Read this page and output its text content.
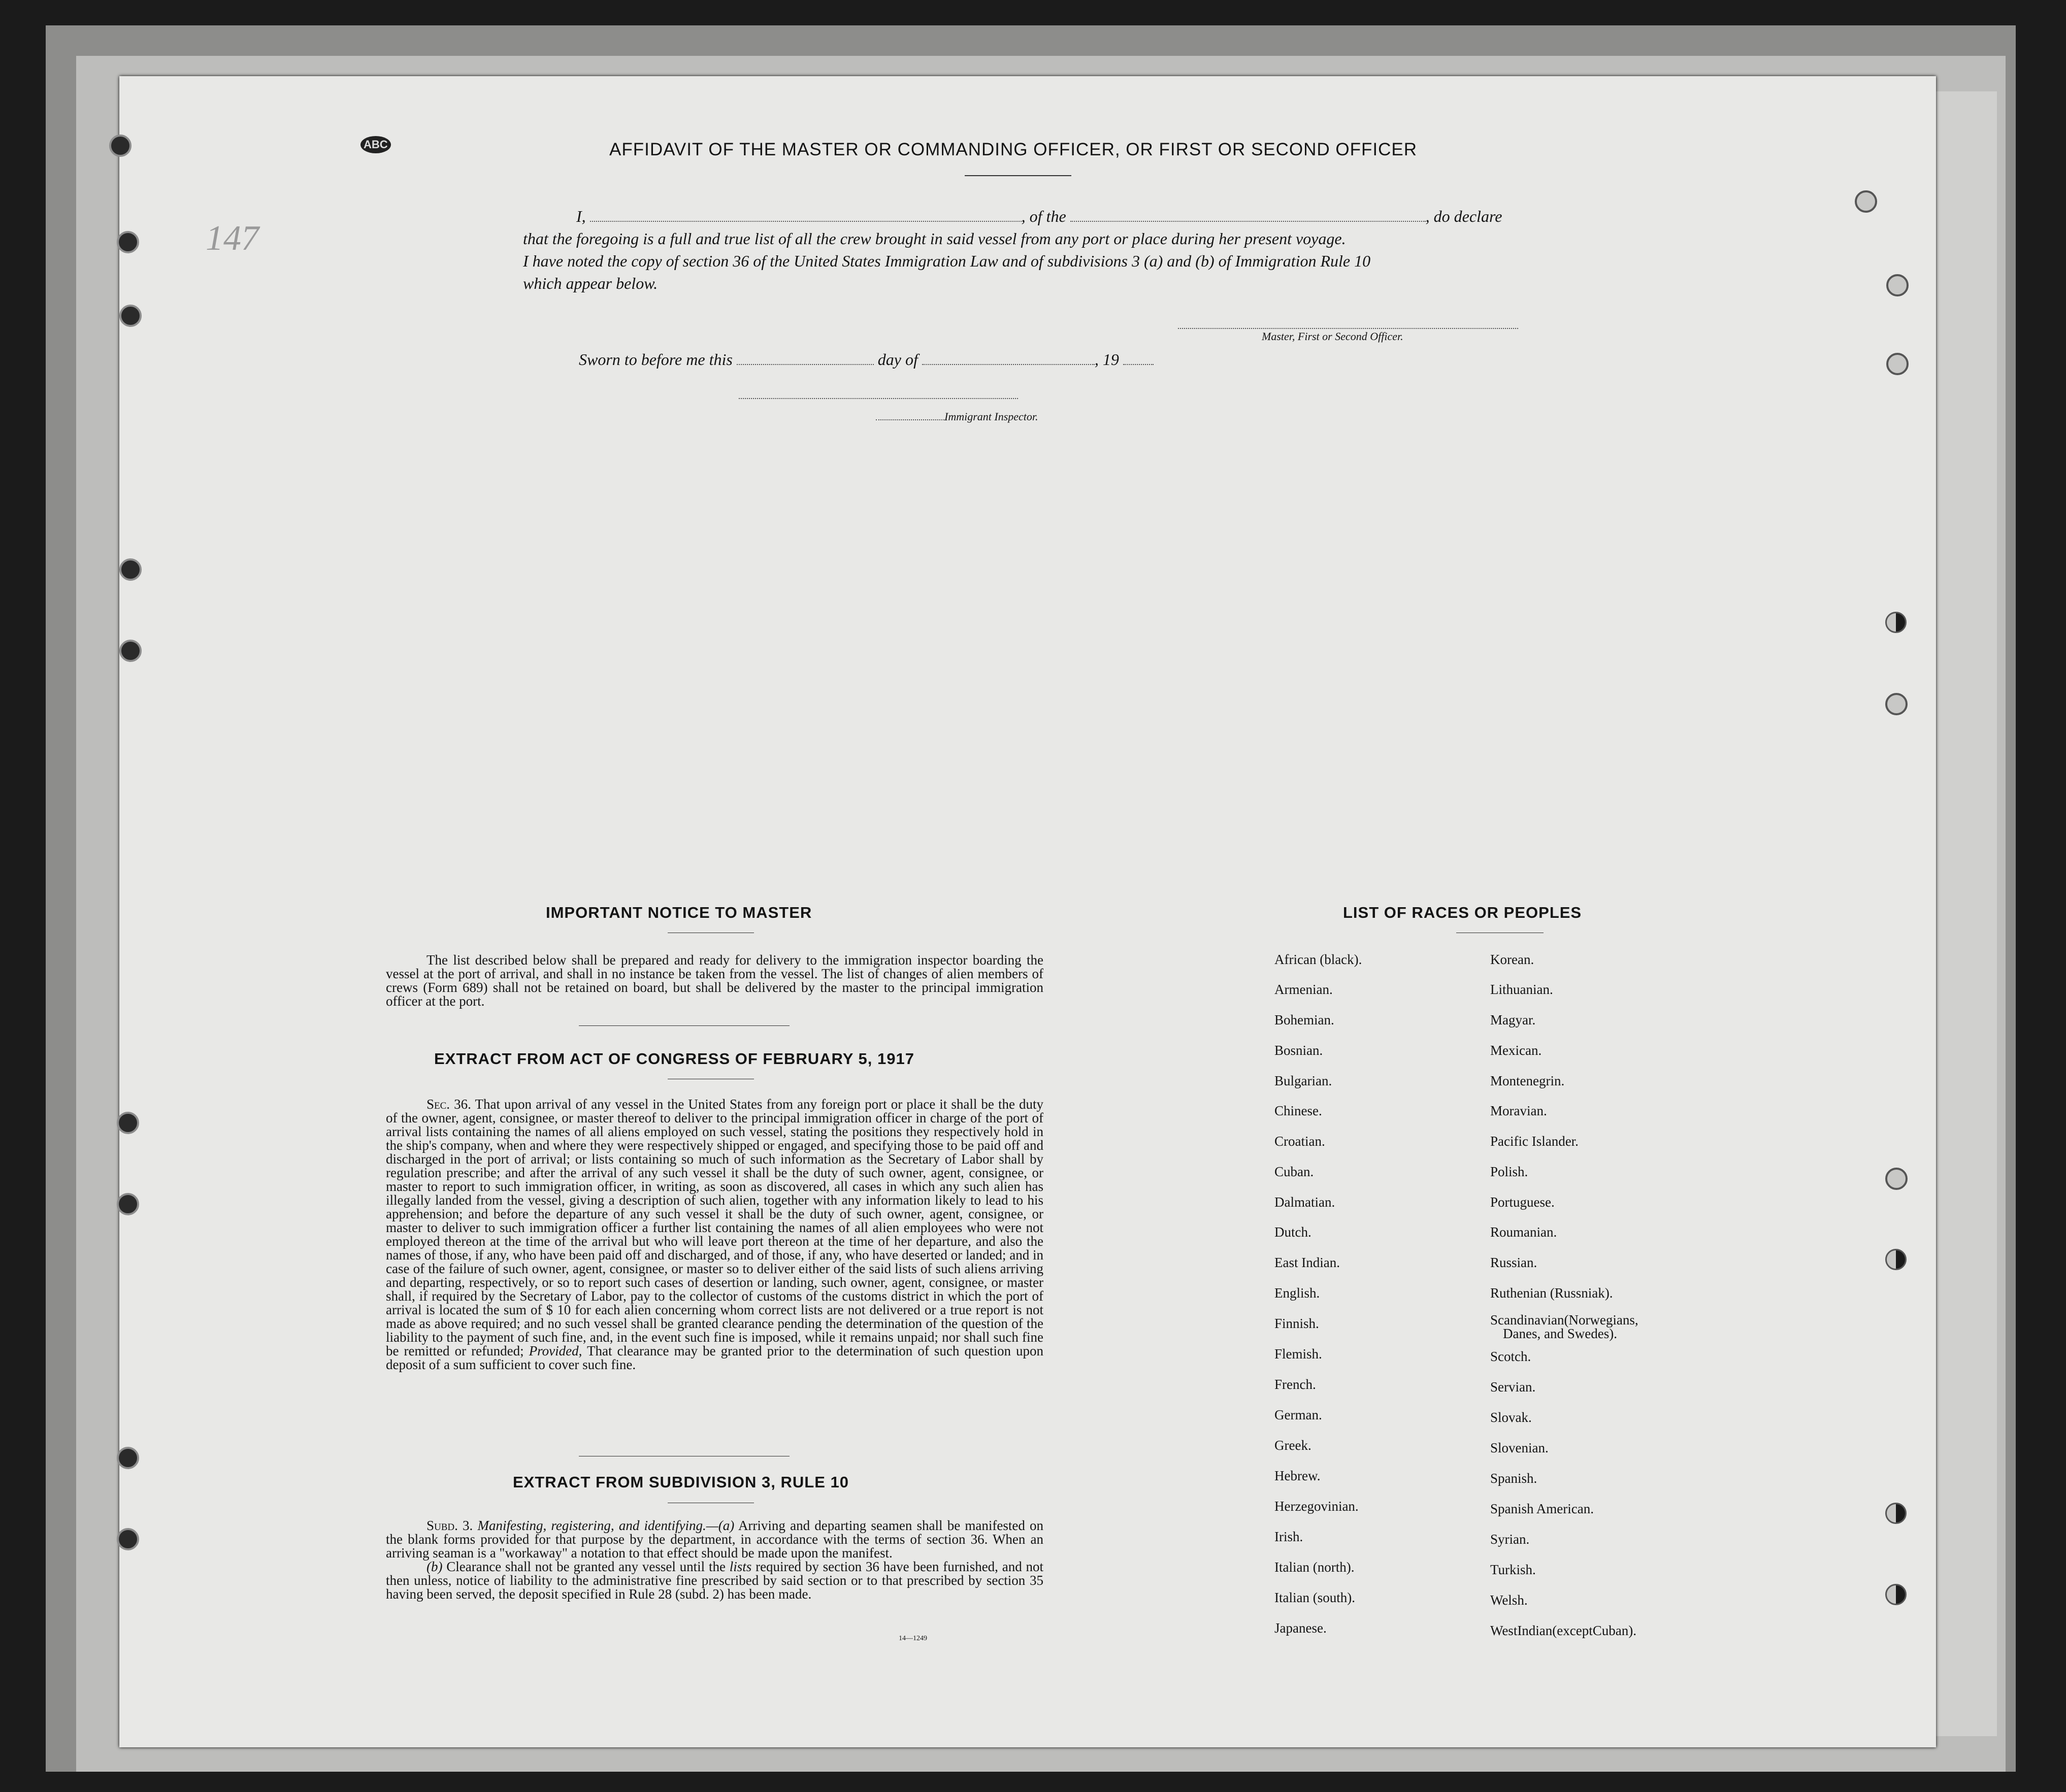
ABC
147
AFFIDAVIT OF THE MASTER OR COMMANDING OFFICER, OR FIRST OR SECOND OFFICER
I,	, of the	, do declare
that the foregoing is a full and true list of all the crew brought in said vessel from any port or place during her present voyage.
I have noted the copy of section 36 of the United States Immigration Law and of subdivisions 3 (a) and (b) of Immigration Rule 10
which appear below.
Master, First or Second Officer.
Sworn to before me this	day of	, 19
Immigrant Inspector.
IMPORTANT NOTICE TO MASTER

The list described below shall be prepared and ready for delivery to the immigration inspector boarding the vessel at the port of arrival, and shall in no instance be taken from the vessel. The list of changes of alien members of crews (Form 689) shall not be retained on board, but shall be delivered by the master to the principal immigration officer at the port.

EXTRACT FROM ACT OF CONGRESS OF FEBRUARY 5, 1917

Sec. 36. That upon arrival of any vessel in the United States from any foreign port or place it shall be the duty of the owner, agent, consignee, or master thereof to deliver to the principal immigration officer in charge of the port of arrival lists containing the names of all aliens employed on such vessel, stating the positions they respectively hold in the ship's company, when and where they were respectively shipped or engaged, and specifying those to be paid off and discharged in the port of arrival; or lists containing so much of such information as the Secretary of Labor shall by regulation prescribe; and after the arrival of any such vessel it shall be the duty of such owner, agent, consignee, or master to report to such immigration officer, in writing, as soon as discovered, all cases in which any such alien has illegally landed from the vessel, giving a description of such alien, together with any information likely to lead to his apprehension; and before the departure of any such vessel it shall be the duty of such owner, agent, consignee, or master to deliver to such immigration officer a further list containing the names of all alien employees who were not employed thereon at the time of the arrival but who will leave port thereon at the time of her departure, and also the names of those, if any, who have been paid off and discharged, and of those, if any, who have deserted or landed; and in case of the failure of such owner, agent, consignee, or master so to deliver either of the said lists of such aliens arriving and departing, respectively, or so to report such cases of desertion or landing, such owner, agent, consignee, or master shall, if required by the Secretary of Labor, pay to the collector of customs of the customs district in which the port of arrival is located the sum of $ 10 for each alien concerning whom correct lists are not delivered or a true report is not made as above required; and no such vessel shall be granted clearance pending the determination of the question of the liability to the payment of such fine, and, in the event such fine is imposed, while it remains unpaid; nor shall such fine be remitted or refunded; Provided, That clearance may be granted prior to the determination of such question upon deposit of a sum sufficient to cover such fine.

EXTRACT FROM SUBDIVISION 3, RULE 10

Subd. 3. Manifesting, registering, and identifying.—(a) Arriving and departing seamen shall be manifested on the blank forms provided for that purpose by the department, in accordance with the terms of section 36. When an arriving seaman is a "workaway" a notation to that effect should be made upon the manifest.

(b) Clearance shall not be granted any vessel until the lists required by section 36 have been furnished, and not then unless, notice of liability to the administrative fine prescribed by said section or to that prescribed by section 35 having been served, the deposit specified in Rule 28 (subd. 2) has been made.

14—1249
LIST OF RACES OR PEOPLES
African (black).
Armenian.
Bohemian.
Bosnian.
Bulgarian.
Chinese.
Croatian.
Cuban.
Dalmatian.
Dutch.
East Indian.
English.
Finnish.
Flemish.
French.
German.
Greek.
Hebrew.
Herzegovinian.
Irish.
Italian (north).
Italian (south).
Japanese.
Korean.
Lithuanian.
Magyar.
Mexican.
Montenegrin.
Moravian.
Pacific Islander.
Polish.
Portuguese.
Roumanian.
Russian.
Ruthenian (Russniak).
Scandinavian(Norwegians,
Danes, and Swedes).
Scotch.
Servian.
Slovak.
Slovenian.
Spanish.
Spanish American.
Syrian.
Turkish.
Welsh.
WestIndian(exceptCuban).
